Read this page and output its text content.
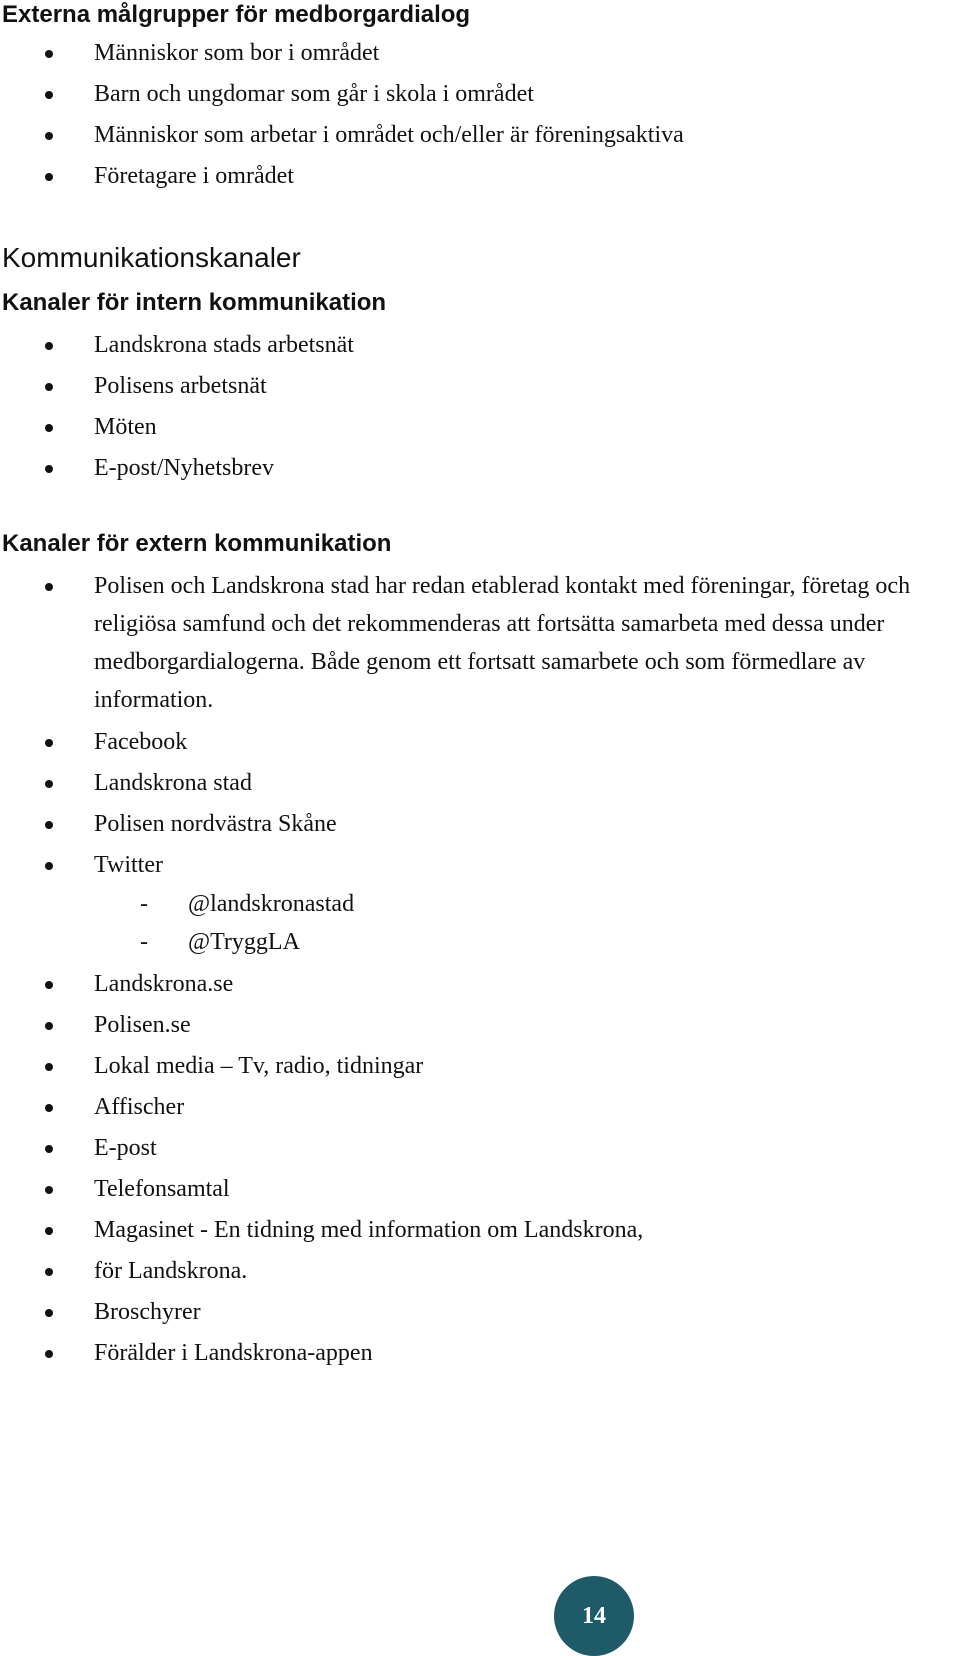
Externa målgrupper för medborgardialog
Människor som bor i området
Barn och ungdomar som går i skola i området
Människor som arbetar i området och/eller är föreningsaktiva
Företagare i området
Kommunikationskanaler
Kanaler för intern kommunikation
Landskrona stads arbetsnät
Polisens arbetsnät
Möten
E-post/Nyhetsbrev
Kanaler för extern kommunikation
Polisen och Landskrona stad har redan etablerad kontakt med föreningar, företag och religiösa samfund och det rekommenderas att fortsätta samarbeta med dessa under medborgardialogerna. Både genom ett fortsatt samarbete och som förmedlare av information.
Facebook
Landskrona stad
Polisen nordvästra Skåne
Twitter
- @landskronastad
- @TryggLA
Landskrona.se
Polisen.se
Lokal media – Tv, radio, tidningar
Affischer
E-post
Telefonsamtal
Magasinet - En tidning med information om Landskrona,
för Landskrona.
Broschyrer
Förälder i Landskrona-appen
14
